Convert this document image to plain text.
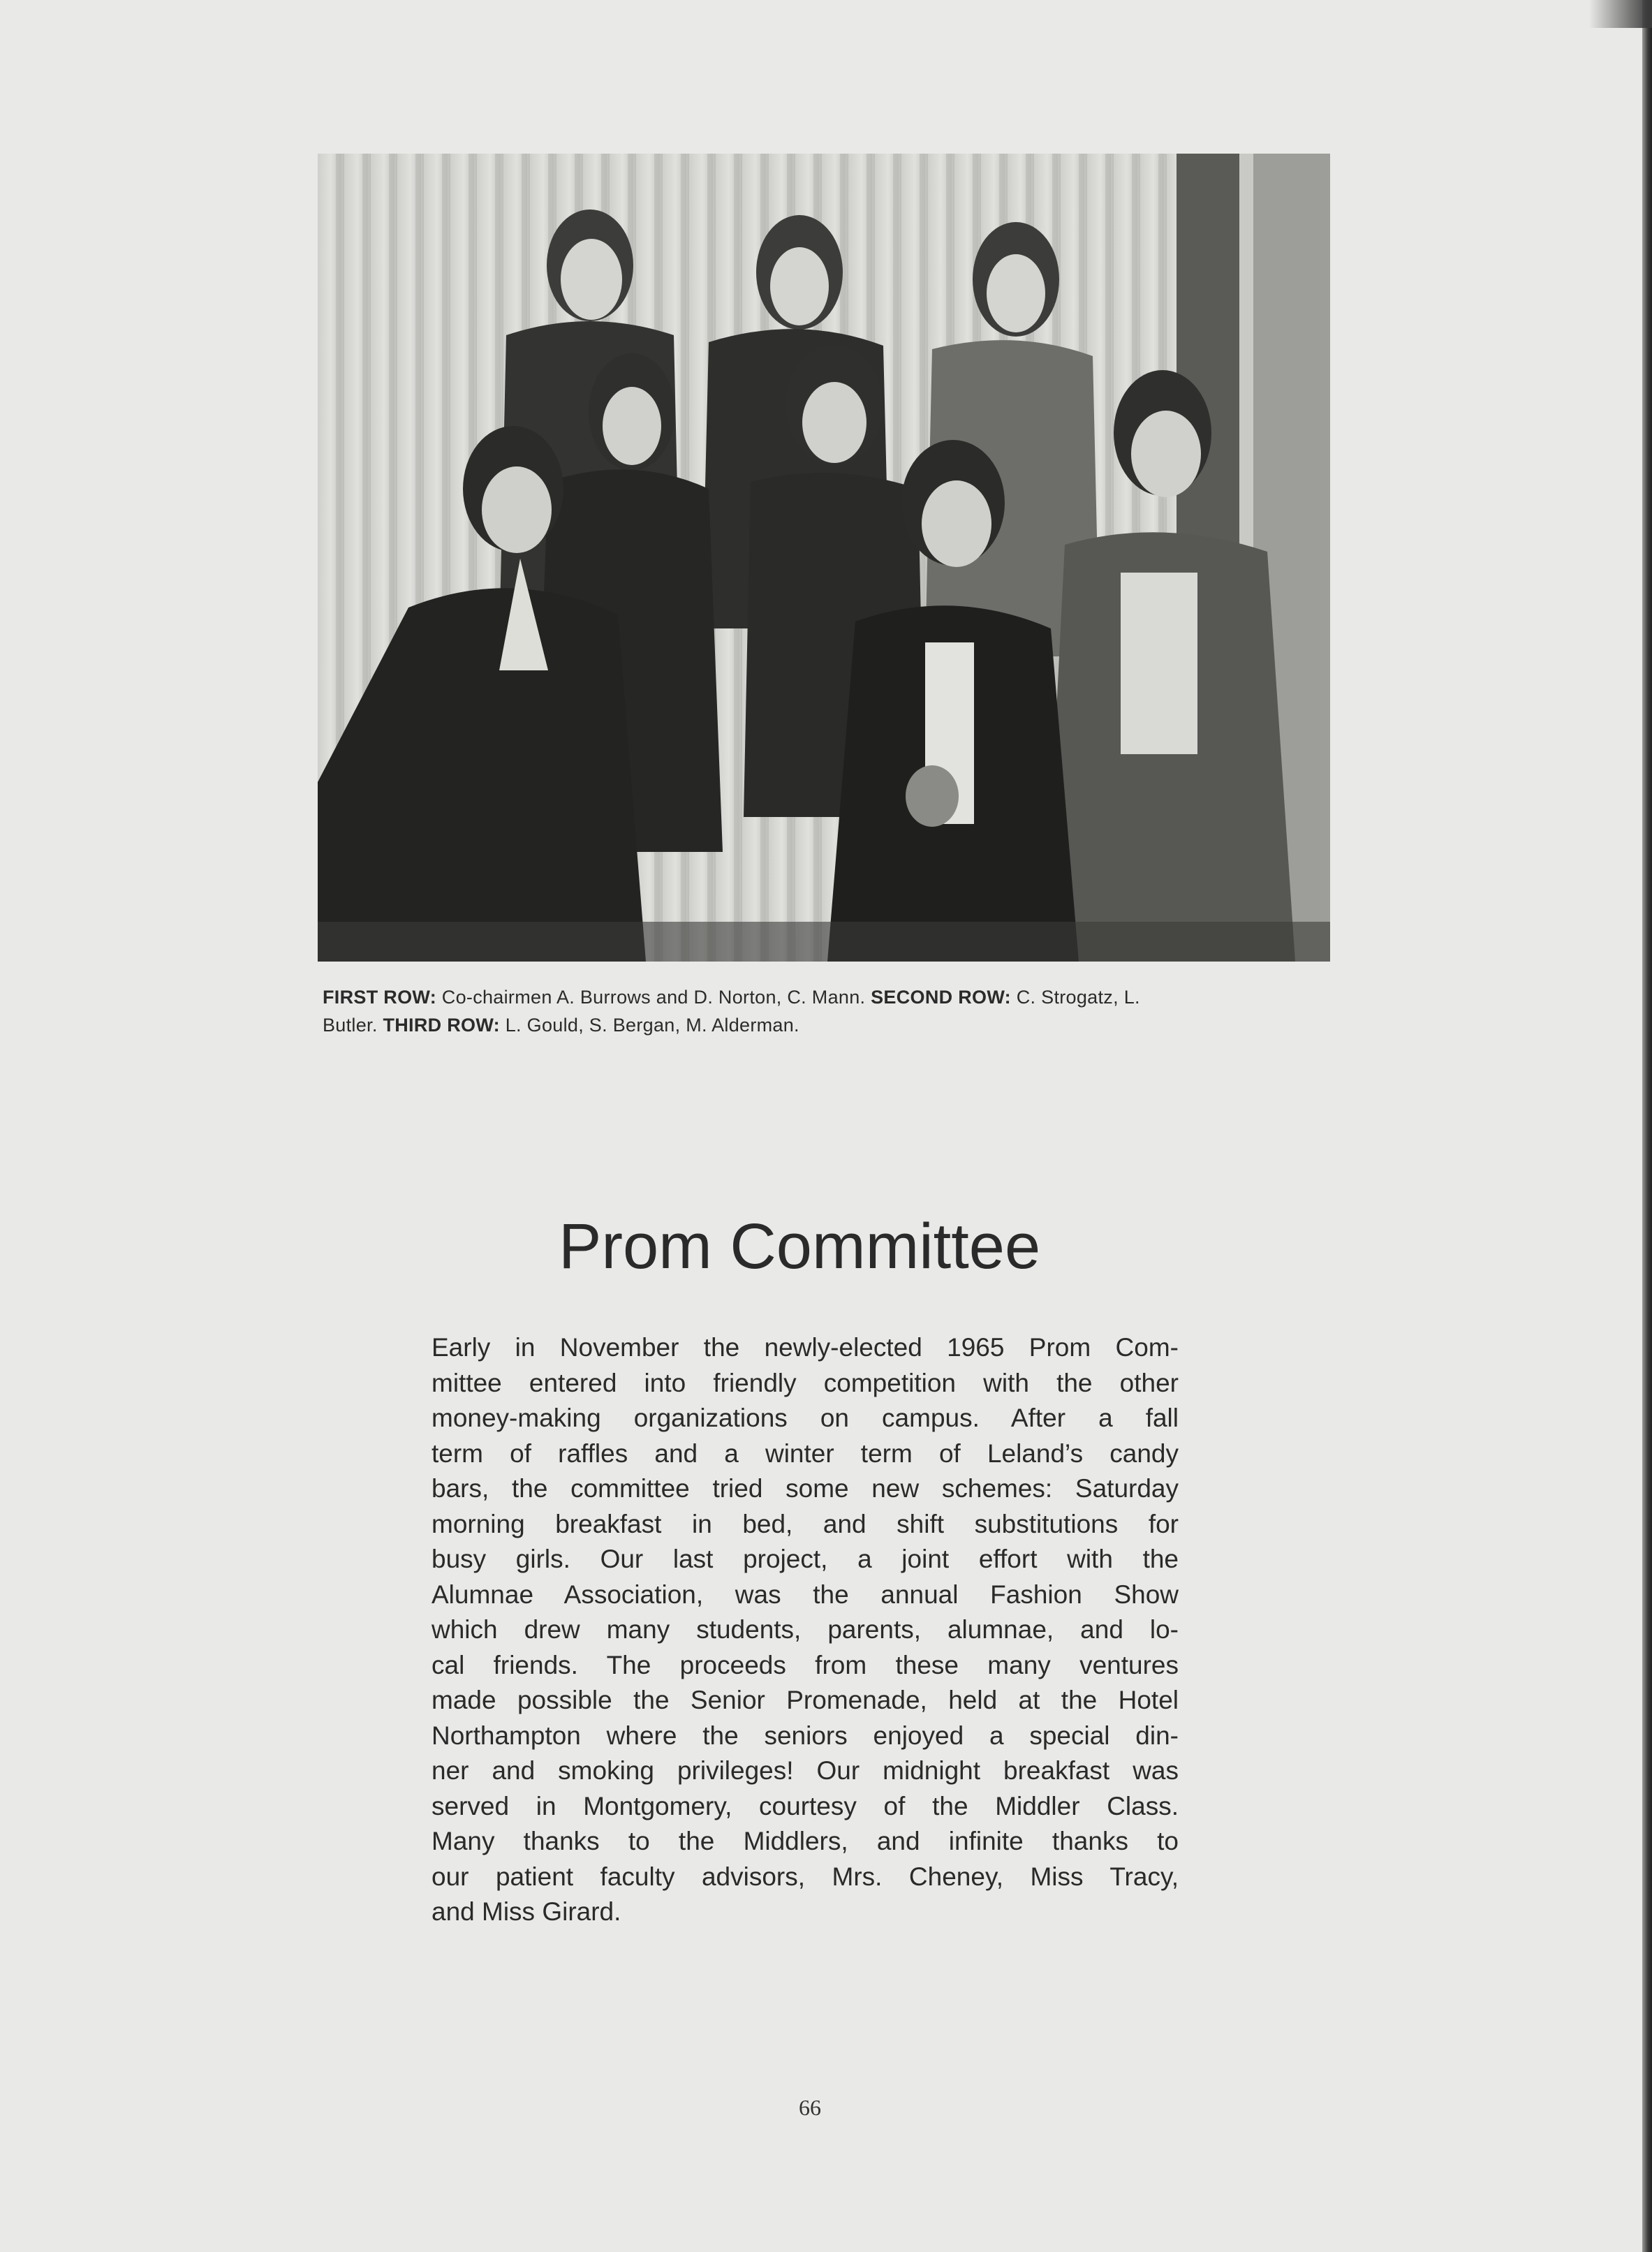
FIRST ROW: Co-chairmen A. Burrows and D. Norton, C. Mann. SECOND ROW: C. Strogatz, L.
Butler. THIRD ROW: L. Gould, S. Bergan, M. Alderman.
Prom Committee
Early in November the newly-elected 1965 Prom Com-
mittee entered into friendly competition with the other
money-making organizations on campus. After a fall
term of raffles and a winter term of Leland’s candy
bars, the committee tried some new schemes: Saturday
morning breakfast in bed, and shift substitutions for
busy girls. Our last project, a joint effort with the
Alumnae Association, was the annual Fashion Show
which drew many students, parents, alumnae, and lo-
cal friends. The proceeds from these many ventures
made possible the Senior Promenade, held at the Hotel
Northampton where the seniors enjoyed a special din-
ner and smoking privileges! Our midnight breakfast was
served in Montgomery, courtesy of the Middler Class.
Many thanks to the Middlers, and infinite thanks to
our patient faculty advisors, Mrs. Cheney, Miss Tracy,
and Miss Girard.
66
